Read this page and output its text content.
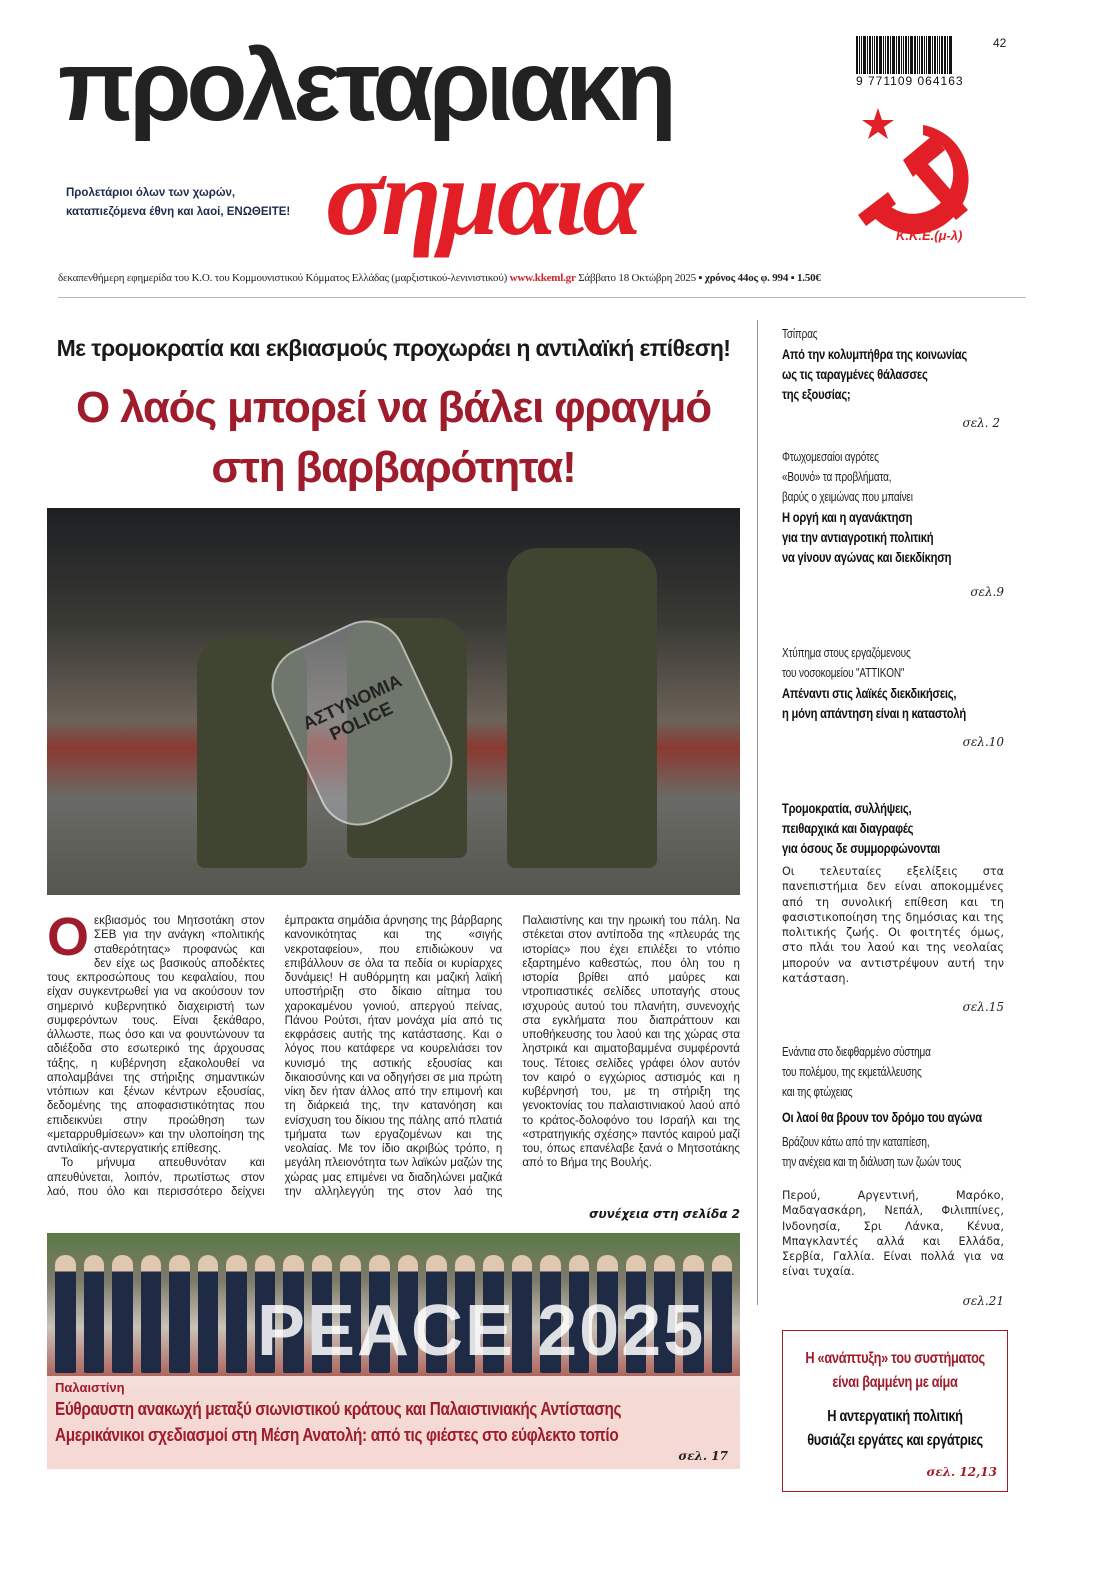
προλεταριακη
σημαια
Προλετάριοι όλων των χωρών,
καταπιεζόμενα έθνη και λαοί, ΕΝΩΘΕΙΤΕ!
9 771109 064163
42
Κ.Κ.Ε.(μ-λ)
δεκαπενθήμερη εφημερίδα του Κ.Ο. του Κομμουνιστικού Κόμματος Ελλάδας (μαρξιστικού-λενινιστικού) www.kkeml.gr Σάββατο 18 Οκτώβρη 2025 ▪ χρόνος 44ος φ. 994 ▪ 1.50€
Με τρομοκρατία και εκβιασμούς προχωράει η αντιλαϊκή επίθεση!
Ο λαός μπορεί να βάλει φραγμό
στη βαρβαρότητα!
ΑΣΤΥΝΟΜΙΑ POLICE

Οεκβιασμός του Μητσοτάκη στον ΣΕΒ για την ανάγκη «πολιτικής σταθερότητας» προφανώς και δεν είχε ως βασικούς αποδέκτες τους εκπροσώπους του κεφαλαίου, που είχαν συγκεντρωθεί για να ακούσουν τον σημερινό κυβερνητικό διαχειριστή των συμφερόντων τους. Είναι ξεκάθαρο, άλλωστε, πως όσο και να φουντώνουν τα αδιέξοδα στο εσωτερικό της άρχουσας τάξης, η κυβέρνηση εξακολουθεί να απολαμβάνει της στήριξης σημαντικών ντόπιων και ξένων κέντρων εξουσίας, δεδομένης της αποφασιστικότητας που επιδεικνύει στην προώθηση των «μεταρρυθμίσεων» και την υλοποίηση της αντιλαϊκής-αντεργατικής επίθεσης.

Το μήνυμα απευθυνόταν και απευθύνεται, λοιπόν, πρωτίστως στον λαό, που όλο και περισσότερο δείχνει έμπρακτα σημάδια άρνησης της βάρβαρης κανονικότητας και της «σιγής νεκροταφείου», που επιδιώκουν να επιβάλλουν σε όλα τα πεδία οι κυρίαρχες δυνάμεις! Η αυθόρμητη και μαζική λαϊκή υποστήριξη στο δίκαιο αίτημα του χαροκαμένου γονιού, απεργού πείνας, Πάνου Ρούτσι, ήταν μονάχα μία από τις εκφράσεις αυτής της κατάστασης. Και ο λόγος που κατάφερε να κουρελιάσει τον κυνισμό της αστικής εξουσίας και δικαιοσύνης και να οδηγήσει σε μια πρώτη νίκη δεν ήταν άλλος από την επιμονή και τη διάρκειά της, την κατανόηση και ενίσχυση του δίκιου της πάλης από πλατιά τμήματα των εργαζομένων και της νεολαίας. Με τον ίδιο ακριβώς τρόπο, η μεγάλη πλειονότητα των λαϊκών μαζών της χώρας μας επιμένει να διαδηλώνει μαζικά την αλληλεγγύη της στον λαό της Παλαιστίνης και την ηρωική του πάλη. Να στέκεται στον αντίποδα της «πλευράς της ιστορίας» που έχει επιλέξει το ντόπιο εξαρτημένο καθεστώς, που όλη του η ιστορία βρίθει από μαύρες και ντροπιαστικές σελίδες υποταγής στους ισχυρούς αυτού του πλανήτη, συνενοχής στα εγκλήματα που διαπράττουν και υποθήκευσης του λαού και της χώρας στα ληστρικά και αιματοβαμμένα συμφέροντά τους. Τέτοιες σελίδες γράφει όλον αυτόν τον καιρό ο εγχώριος αστισμός και η κυβέρνησή του, με τη στήριξη της γενοκτονίας του παλαιστινιακού λαού από το κράτος-δολοφόνο του Ισραήλ και της «στρατηγικής σχέσης» παντός καιρού μαζί του, όπως επανέλαβε ξανά ο Μητσοτάκης από το Βήμα της Βουλής.

συνέχεια στη σελίδα 2
PEACE 2025
Παλαιστίνη
Εύθραυστη ανακωχή μεταξύ σιωνιστικού κράτους και Παλαιστινιακής Αντίστασης
Αμερικάνικοι σχεδιασμοί στη Μέση Ανατολή: από τις φιέστες στο εύφλεκτο τοπίο
σελ. 17
Τσίπρας
Από την κολυμπήθρα της κοινωνίας
ως τις ταραγμένες θάλασσες
της εξουσίας;
σελ. 2
Φτωχομεσαίοι αγρότες
«Βουνό» τα προβλήματα,
βαρύς ο χειμώνας που μπαίνει
Η οργή και η αγανάκτηση
για την αντιαγροτική πολιτική
να γίνουν αγώνας και διεκδίκηση
σελ.9
Χτύπημα στους εργαζόμενους
του νοσοκομείου "ATTIKON"
Απέναντι στις λαϊκές διεκδικήσεις,
η μόνη απάντηση είναι η καταστολή
σελ.10
Τρομοκρατία, συλλήψεις,
πειθαρχικά και διαγραφές
για όσους δε συμμορφώνονται
Οι τελευταίες εξελίξεις στα πανεπιστήμια δεν είναι αποκομμένες από τη συνολική επίθεση και τη φασιστικοποίηση της δημόσιας και της πολιτικής ζωής. Οι φοιτητές όμως, στο πλάι του λαού και της νεολαίας μπορούν να αντιστρέψουν αυτή την κατάσταση.
σελ.15
Ενάντια στο διεφθαρμένο σύστημα
του πολέμου, της εκμετάλλευσης
και της φτώχειας
Οι λαοί θα βρουν τον δρόμο του αγώνα
Βράζουν κάτω από την καταπίεση,
την ανέχεια και τη διάλυση των ζωών τους
Περού, Αργεντινή, Μαρόκο, Μαδαγασκάρη, Νεπάλ, Φιλιππίνες, Ινδονησία, Σρι Λάνκα, Κένυα, Μπαγκλαντές αλλά και Ελλάδα, Σερβία, Γαλλία. Είναι πολλά για να είναι τυχαία.
σελ.21
Η «ανάπτυξη» του συστήματος
είναι βαμμένη με αίμα
Η αντεργατική πολιτική
θυσιάζει εργάτες και εργάτριες
σελ. 12,13
